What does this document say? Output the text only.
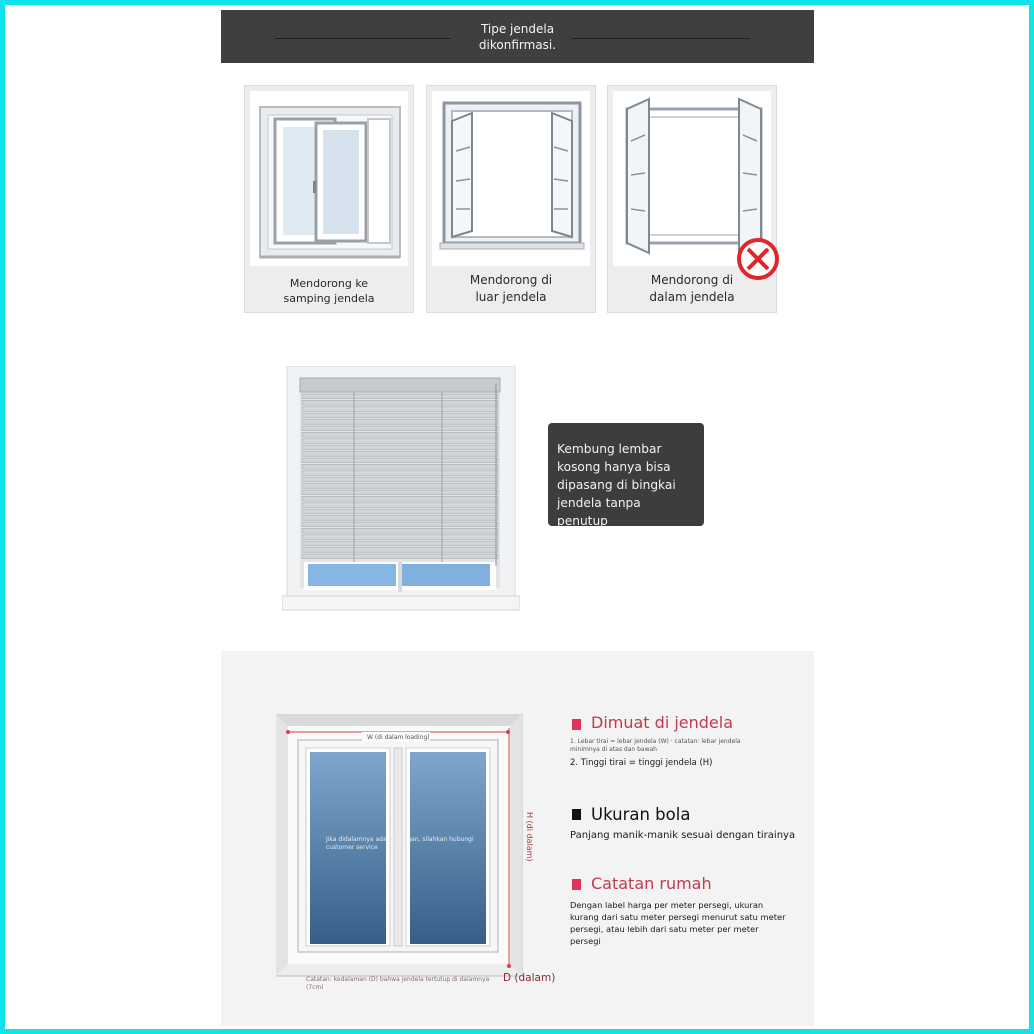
Tipe jendela
dikonfirmasi.
Mendorong ke
samping jendela
Mendorong di
luar jendela
Mendorong di
dalam jendela
Kembung lembar
kosong hanya bisa
dipasang di bingkai
jendela tanpa penutup
W (di dalam loading)
Jika didalamnya ada pegangan, silahkan hubungi
customer service	H (di dalam)
Catatan: kedalaman (D) bahwa jendela tertutup di dalamnya
(7cm)
D (dalam)
Dimuat di jendela
1. Lebar tirai = lebar jendela (W) · catatan: lebar jendela
minimnya di atas dan bawah
2. Tinggi tirai = tinggi jendela (H)
Ukuran bola
Panjang manik-manik sesuai dengan tirainya
Catatan rumah
Dengan label harga per meter persegi, ukuran
kurang dari satu meter persegi menurut satu meter
persegi, atau lebih dari satu meter per meter
persegi
